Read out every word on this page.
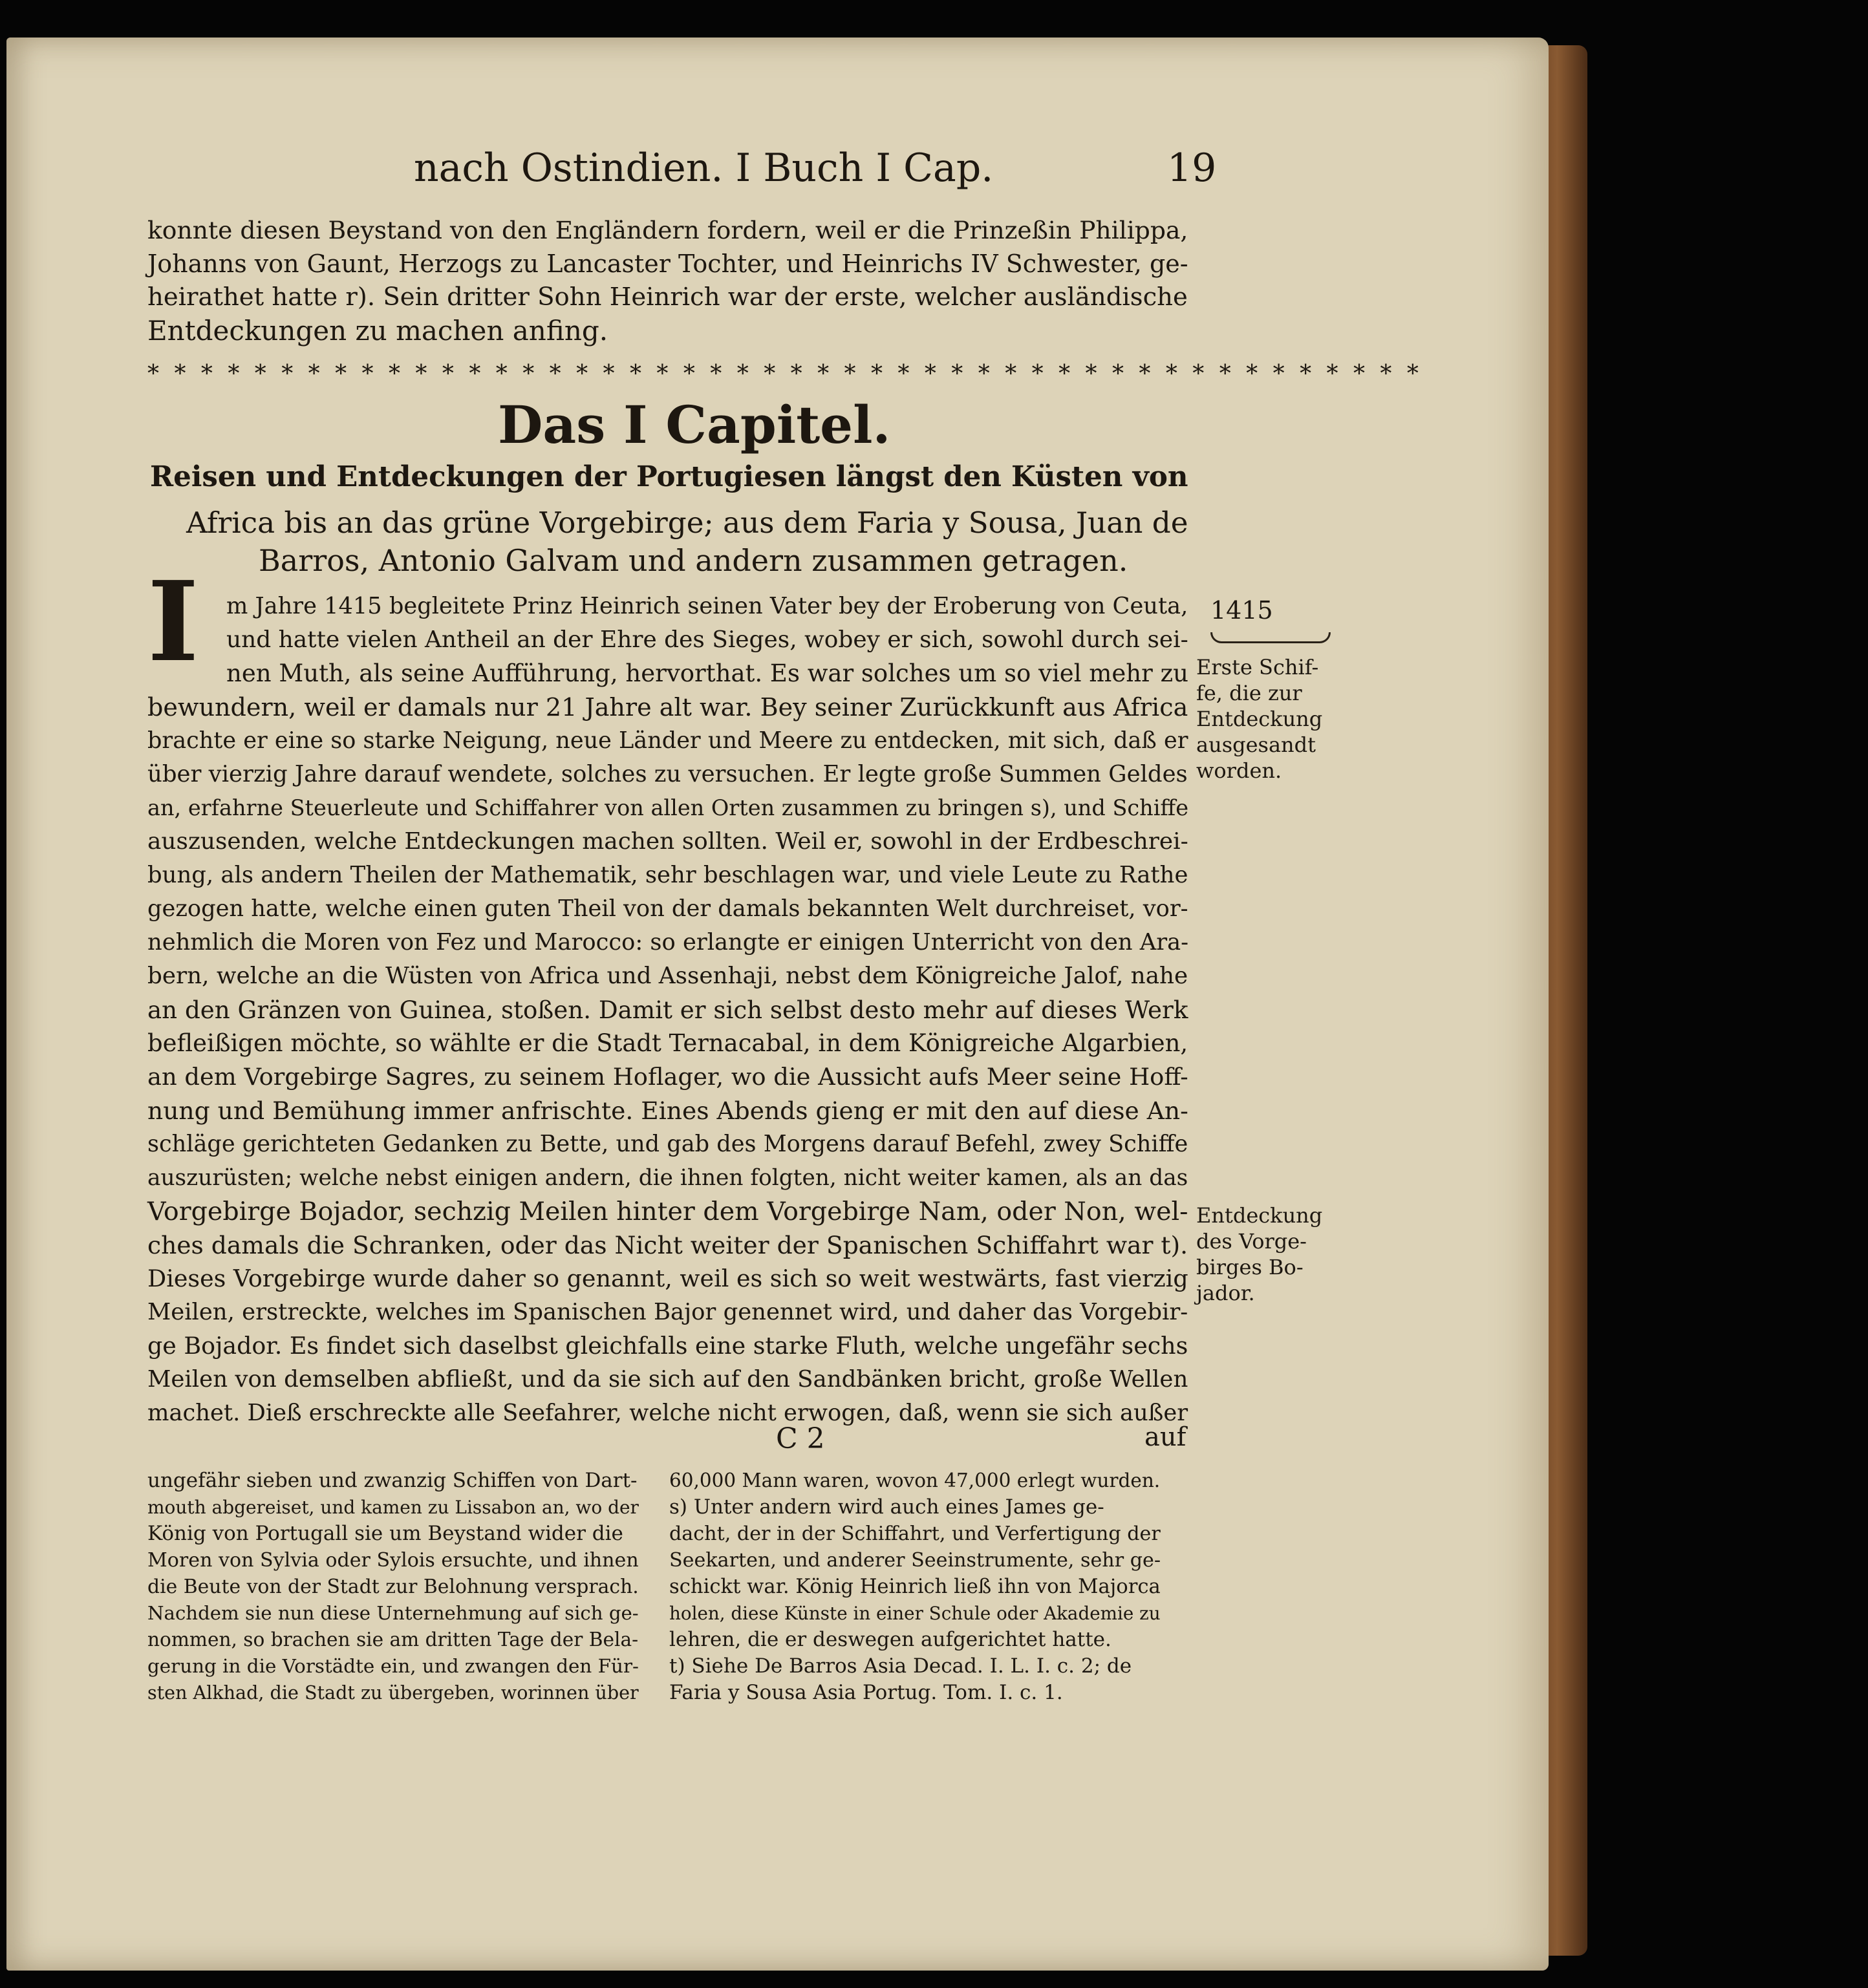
nach Ostindien. I Buch I Cap.	19
konnte diesen Beystand von den Engländern fordern, weil er die Prinzeßin Philippa,
Johanns von Gaunt, Herzogs zu Lancaster Tochter, und Heinrichs IV Schwester, ge-
heirathet hatte r). Sein dritter Sohn Heinrich war der erste, welcher ausländische
Entdeckungen zu machen anfing.
* * * * * * * * * * * * * * * * * * * * * * * * * * * * * * * * * * * * * * * * * * * * * * * *
Das I Capitel.
Reisen und Entdeckungen der Portugiesen längst den Küsten von
Africa bis an das grüne Vorgebirge; aus dem Faria y Sousa, Juan de
Barros, Antonio Galvam und andern zusammen getragen.
I	m Jahre 1415 begleitete Prinz Heinrich seinen Vater bey der Eroberung von Ceuta,
und hatte vielen Antheil an der Ehre des Sieges, wobey er sich, sowohl durch sei-
nen Muth, als seine Aufführung, hervorthat. Es war solches um so viel mehr zu
bewundern, weil er damals nur 21 Jahre alt war. Bey seiner Zurückkunft aus Africa
brachte er eine so starke Neigung, neue Länder und Meere zu entdecken, mit sich, daß er
über vierzig Jahre darauf wendete, solches zu versuchen. Er legte große Summen Geldes
an, erfahrne Steuerleute und Schiffahrer von allen Orten zusammen zu bringen s), und Schiffe
auszusenden, welche Entdeckungen machen sollten. Weil er, sowohl in der Erdbeschrei-
bung, als andern Theilen der Mathematik, sehr beschlagen war, und viele Leute zu Rathe
gezogen hatte, welche einen guten Theil von der damals bekannten Welt durchreiset, vor-
nehmlich die Moren von Fez und Marocco: so erlangte er einigen Unterricht von den Ara-
bern, welche an die Wüsten von Africa und Assenhaji, nebst dem Königreiche Jalof, nahe
an den Gränzen von Guinea, stoßen. Damit er sich selbst desto mehr auf dieses Werk
befleißigen möchte, so wählte er die Stadt Ternacabal, in dem Königreiche Algarbien,
an dem Vorgebirge Sagres, zu seinem Hoflager, wo die Aussicht aufs Meer seine Hoff-
nung und Bemühung immer anfrischte. Eines Abends gieng er mit den auf diese An-
schläge gerichteten Gedanken zu Bette, und gab des Morgens darauf Befehl, zwey Schiffe
auszurüsten; welche nebst einigen andern, die ihnen folgten, nicht weiter kamen, als an das
Vorgebirge Bojador, sechzig Meilen hinter dem Vorgebirge Nam, oder Non, wel-
ches damals die Schranken, oder das Nicht weiter der Spanischen Schiffahrt war t).
Dieses Vorgebirge wurde daher so genannt, weil es sich so weit westwärts, fast vierzig
Meilen, erstreckte, welches im Spanischen Bajor genennet wird, und daher das Vorgebir-
ge Bojador. Es findet sich daselbst gleichfalls eine starke Fluth, welche ungefähr sechs
Meilen von demselben abfließt, und da sie sich auf den Sandbänken bricht, große Wellen
machet. Dieß erschreckte alle Seefahrer, welche nicht erwogen, daß, wenn sie sich außer
C 2	auf
1415
Erste Schif-
fe, die zur
Entdeckung
ausgesandt
worden.
Entdeckung
des Vorge-
birges Bo-
jador.
ungefähr sieben und zwanzig Schiffen von Dart-
mouth abgereiset, und kamen zu Lissabon an, wo der
König von Portugall sie um Beystand wider die
Moren von Sylvia oder Sylois ersuchte, und ihnen
die Beute von der Stadt zur Belohnung versprach.
Nachdem sie nun diese Unternehmung auf sich ge-
nommen, so brachen sie am dritten Tage der Bela-
gerung in die Vorstädte ein, und zwangen den Für-
sten Alkhad, die Stadt zu übergeben, worinnen über
60,000 Mann waren, wovon 47,000 erlegt wurden.
s) Unter andern wird auch eines James ge-
dacht, der in der Schiffahrt, und Verfertigung der
Seekarten, und anderer Seeinstrumente, sehr ge-
schickt war. König Heinrich ließ ihn von Majorca
holen, diese Künste in einer Schule oder Akademie zu
lehren, die er deswegen aufgerichtet hatte.
t) Siehe De Barros Asia Decad. I. L. I. c. 2; de
Faria y Sousa Asia Portug. Tom. I. c. 1.
